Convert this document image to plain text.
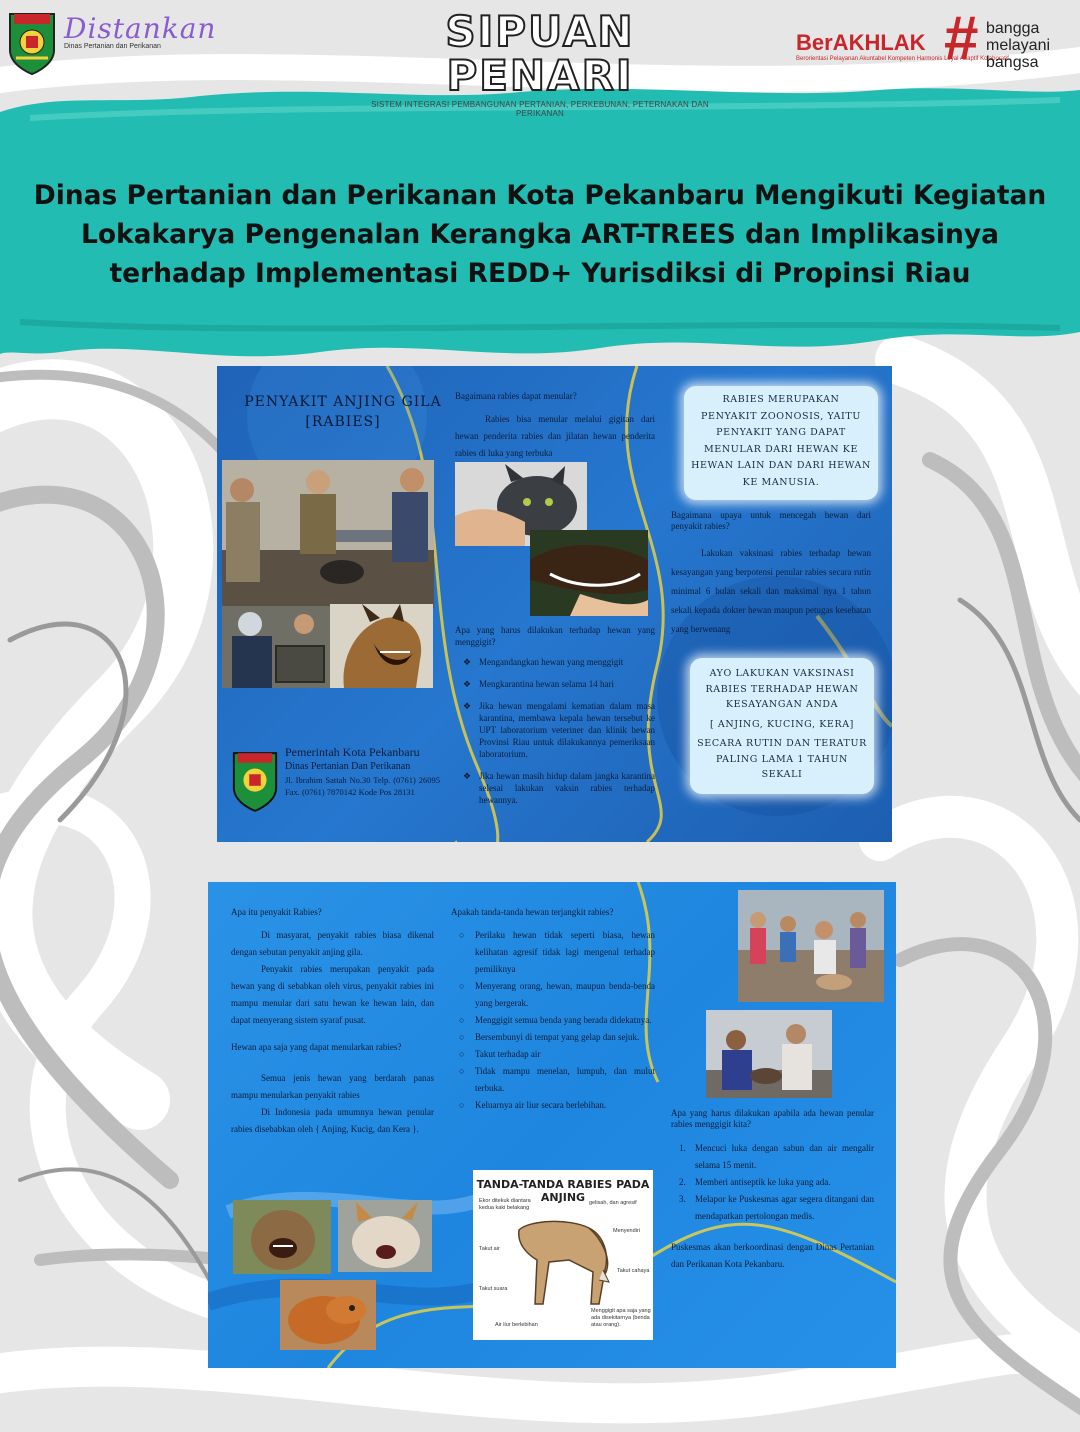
Distankan
Dinas Pertanian dan Perikanan	SIPUAN PENARI
SISTEM INTEGRASI PEMBANGUNAN PERTANIAN, PERKEBUNAN, PETERNAKAN DAN PERIKANAN
BerAKHLAK
Berorientasi Pelayanan Akuntabel Kompeten Harmonis Loyal Adaptif Kolaboratif
# bangga
melayani
bangsa
Dinas Pertanian dan Perikanan Kota Pekanbaru Mengikuti Kegiatan
Lokakarya Pengenalan Kerangka ART-TREES dan Implikasinya
terhadap Implementasi REDD+ Yurisdiksi di Propinsi Riau
PENYAKIT ANJING GILA
[RABIES]
Pemerintah Kota Pekanbaru
Dinas Pertanian Dan Perikanan
Jl. Ibrahim Sattah No.30 Telp. (0761) 26095 Fax. (0761) 7870142 Kode Pos 28131

Bagaimana rabies dapat menular?

Rabies bisa menular melalui gigitan dari hewan penderita rabies dan jilatan hewan penderita rabies di luka yang terbuka

Apa yang harus dilakukan terhadap hewan yang menggigit?

❖ Mengandangkan hewan yang menggigit
❖ Mengkarantina hewan selama 14 hari
❖ Jika hewan mengalami kematian dalam masa karantina, membawa kepala hewan tersebut ke UPT laboratorium veteriner dan klinik hewan Provinsi Riau untuk dilakukannya pemeriksaan laboratorium.
❖ Jika hewan masih hidup dalam jangka karantina selesai lakukan vaksin rabies terhadap hewannya.
RABIES MERUPAKAN
PENYAKIT ZOONOSIS, YAITU
PENYAKIT YANG DAPAT
MENULAR DARI HEWAN KE
HEWAN LAIN DAN DARI HEWAN
KE MANUSIA.

Bagaimana upaya untuk mencegah hewan dari penyakit rabies?

Lakukan vaksinasi rabies terhadap hewan kesayangan yang berpotensi penular rabies secara rutin minimal 6 bulan sekali dan maksimal nya 1 tahun sekali kepada dokter hewan maupun petugas kesehatan yang berwenang

AYO LAKUKAN VAKSINASI
RABIES TERHADAP HEWAN
KESAYANGAN ANDA
[ ANJING, KUCING, KERA]
SECARA RUTIN DAN TERATUR
PALING LAMA 1 TAHUN
SEKALI

Apa itu penyakit Rabies?

Di masyarat, penyakit rabies biasa dikenal dengan sebutan penyakit anjing gila.

Penyakit rabies merupakan penyakit pada hewan yang di sebabkan oleh virus, penyakit rabies ini mampu menular dari satu hewan ke hewan lain, dan dapat menyerang sistem syaraf pusat.

Hewan apa saja yang dapat menularkan rabies?

Semua jenis hewan yang berdarah panas mampu menularkan penyakit rabies

Di Indonesia pada umumnya hewan penular rabies disebabkan oleh { Anjing, Kucig, dan Kera }.

Apakah tanda-tanda hewan terjangkit rabies?

○ Perilaku hewan tidak seperti biasa, hewan kelihatan agresif tidak lagi mengenal terhadap pemiliknya
○ Menyerang orang, hewan, maupun benda-benda yang bergerak.
○ Menggigit semua benda yang berada didekatnya.
○ Bersembunyi di tempat yang gelap dan sejuk.
○ Takut terhadap air
○ Tidak mampu menelan, lumpuh, dan mulut terbuka.
○ Keluarnya air liur secara berlebihan.
TANDA-TANDA RABIES PADA ANJING
Ekor ditekuk diantara kedua kaki belakang
gelisah, dan agresif
Menyendiri
Takut air
Takut cahaya
Takut suara
Menggigit apa saja yang ada disekitarnya (benda atau orang).
Air liur berlebihan

Apa yang harus dilakukan apabila ada hewan penular rabies menggigit kita?

1. Mencuci luka dengan sabun dan air mengalir selama 15 menit.
2. Memberi antiseptik ke luka yang ada.
3. Melapor ke Puskesmas agar segera ditangani dan mendapatkan pertolongan medis.

Puskesmas akan berkoordinasi dengan Dinas Pertanian dan Perikanan Kota Pekanbaru.
